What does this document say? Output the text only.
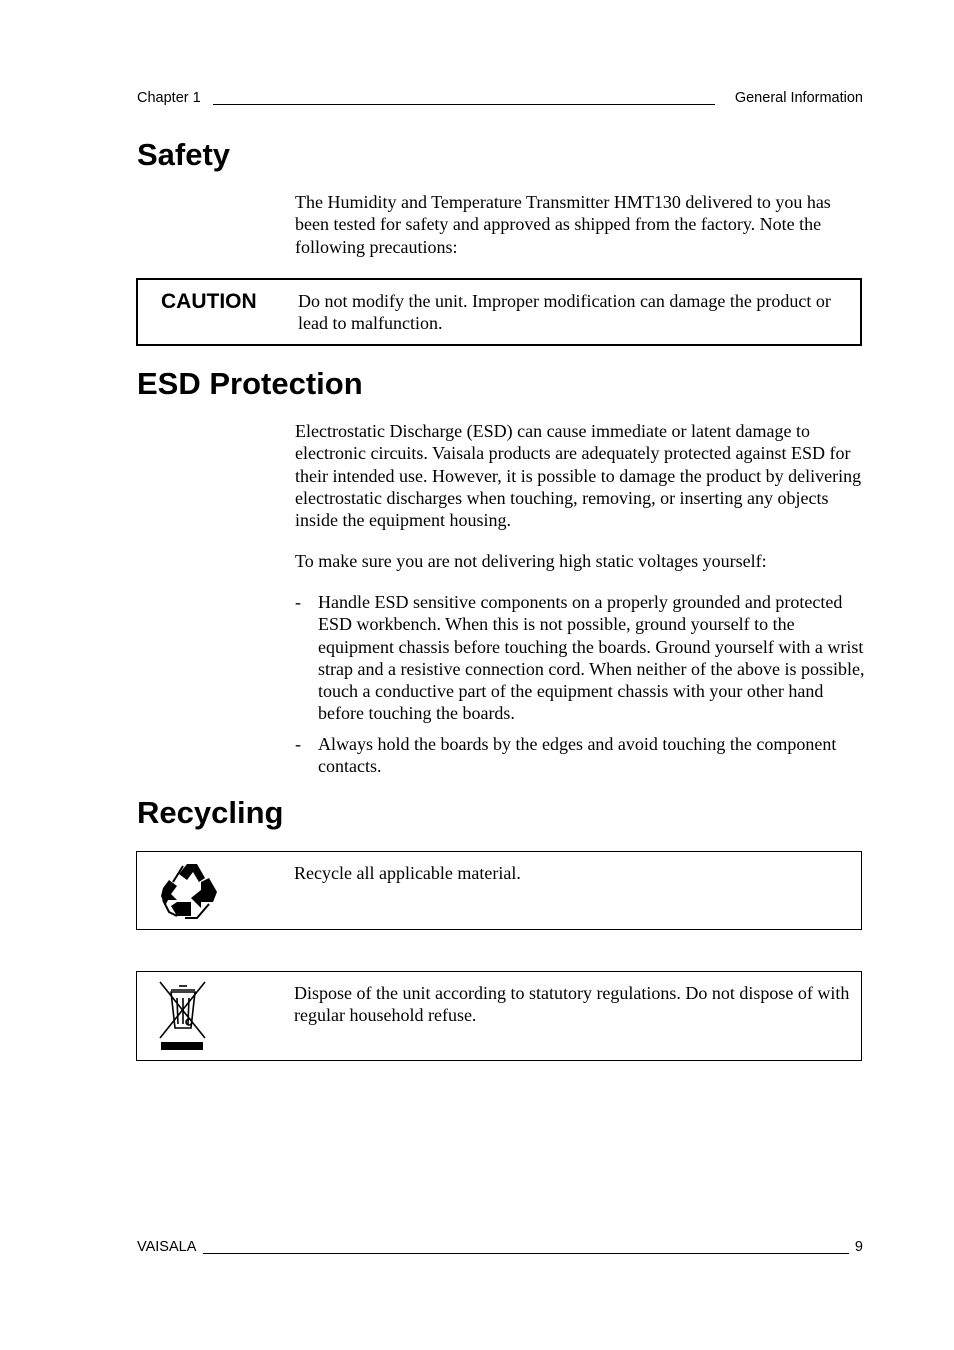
Chapter 1	General Information
Safety

The Humidity and Temperature Transmitter HMT130 delivered to you has been tested for safety and approved as shipped from the factory. Note the following precautions:

CAUTION Do not modify the unit. Improper modification can damage the product or lead to malfunction.

ESD Protection

Electrostatic Discharge (ESD) can cause immediate or latent damage to electronic circuits. Vaisala products are adequately protected against ESD for their intended use. However, it is possible to damage the product by delivering electrostatic discharges when touching, removing, or inserting any objects inside the equipment housing.

To make sure you are not delivering high static voltages yourself:

- Handle ESD sensitive components on a properly grounded and protected ESD workbench. When this is not possible, ground yourself to the equipment chassis before touching the boards. Ground yourself with a wrist strap and a resistive connection cord. When neither of the above is possible, touch a conductive part of the equipment chassis with your other hand before touching the boards.
- Always hold the boards by the edges and avoid touching the component contacts.
Recycling

Recycle all applicable material.

Dispose of the unit according to statutory regulations. Do not dispose of with regular household refuse.

VAISALA	9
